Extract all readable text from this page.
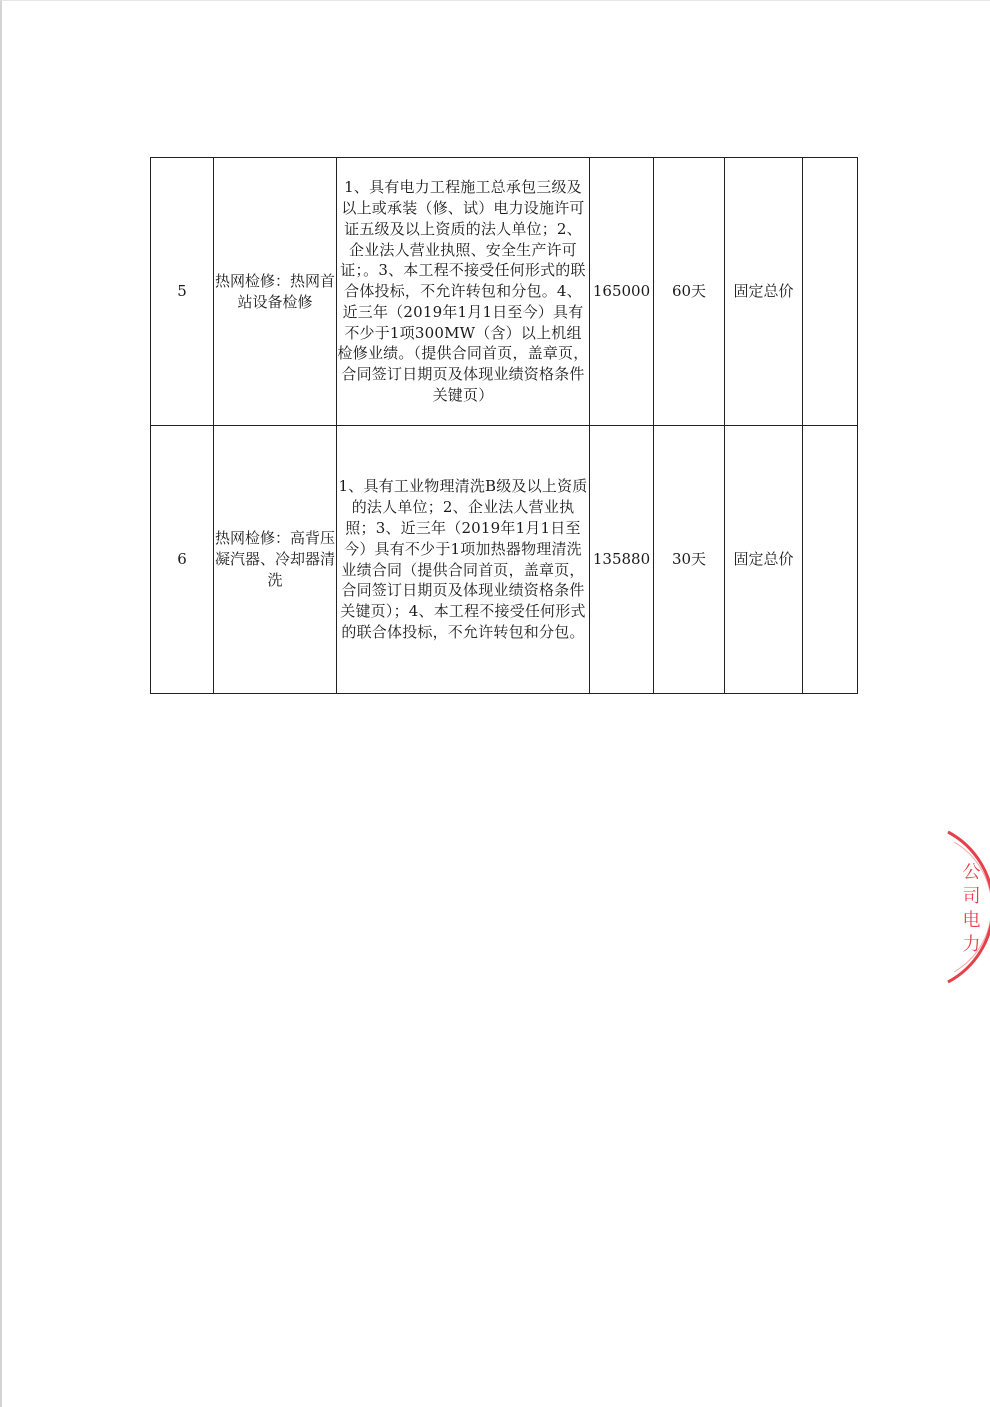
5	热网检修：热网首站设备检修	1、具有电力工程施工总承包三级及以上或承装（修、试）电力设施许可证五级及以上资质的法人单位；2、企业法人营业执照、安全生产许可证；。3、本工程不接受任何形式的联合体投标，不允许转包和分包。4、近三年（2019年1月1日至今）具有不少于1项300MW（含）以上机组检修业绩。（提供合同首页，盖章页，合同签订日期页及体现业绩资格条件关键页）	165000	60天	固定总价	
6	热网检修：高背压凝汽器、冷却器清洗	1、具有工业物理清洗B级及以上资质的法人单位；2、企业法人营业执照；3、近三年（2019年1月1日至今）具有不少于1项加热器物理清洗业绩合同（提供合同首页，盖章页，合同签订日期页及体现业绩资格条件关键页）；4、本工程不接受任何形式的联合体投标，不允许转包和分包。	135880	30天	固定总价	
公司电力
